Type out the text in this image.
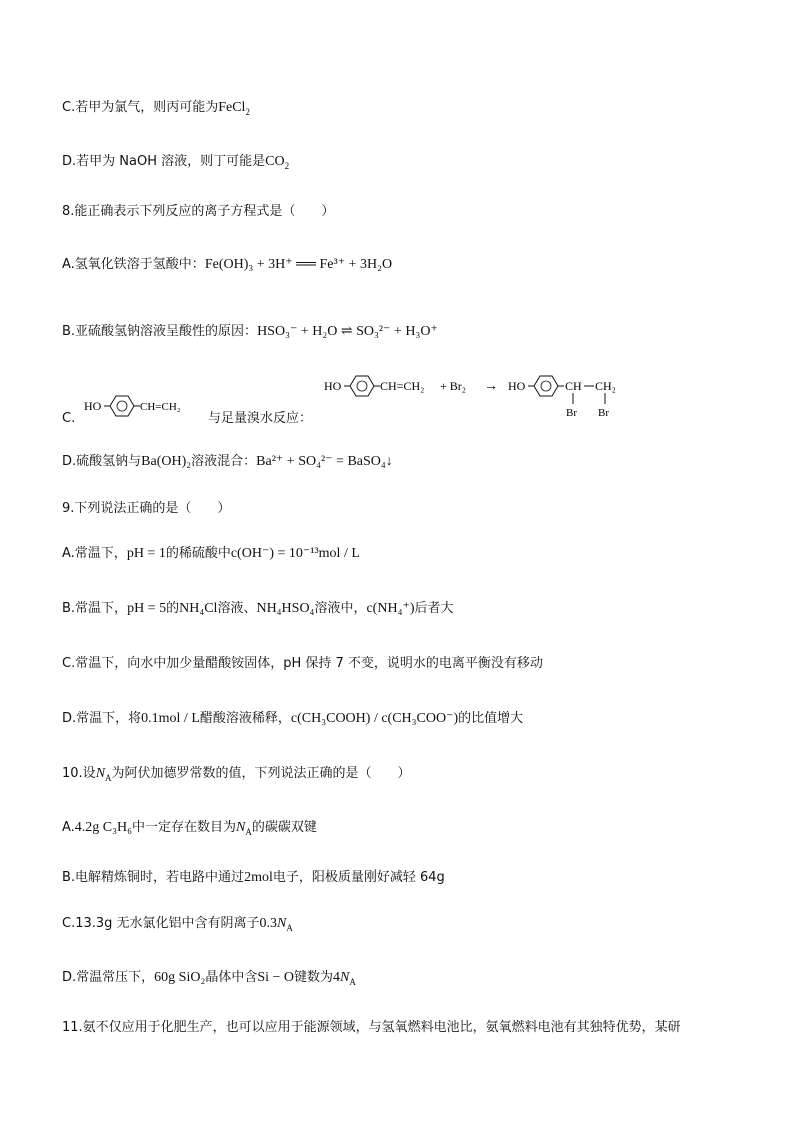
C.若甲为氯气，则丙可能为FeCl$_2$
D.若甲为 NaOH 溶液，则丁可能是$CO_2$
8.能正确表示下列反应的离子方程式是（　　）
A.氢氧化铁溶于氢酸中：Fe(OH)₃ + 3H⁺ ══ Fe³⁺ + 3H₂O
B.亚硫酸氢钠溶液呈酸性的原因：HSO₃⁻ + H₂O ⇌ SO₃²⁻ + H₃O⁺
C.
HO	CH=CH₂
与足量溴水反应：
HO	CH=CH₂ + Br₂ → HO	CH CH₂
Br Br
D.硫酸氢钠与Ba(OH)₂溶液混合：Ba²⁺ + SO₄²⁻ = BaSO₄↓
9.下列说法正确的是（　　）
A.常温下，pH = 1的稀硫酸中c(OH⁻) = 10⁻¹³mol / L
B.常温下，pH = 5的NH₄Cl溶液、NH₄HSO₄溶液中，c(NH₄⁺)后者大
C.常温下，向水中加少量醋酸铵固体，pH 保持 7 不变，说明水的电离平衡没有移动
D.常温下，将0.1mol / L醋酸溶液稀释，c(CH₃COOH) / c(CH₃COO⁻)的比值增大
10.设$N_A$为阿伏加德罗常数的值，下列说法正确的是（　　）
A.4.2g C₃H₆中一定存在数目为$N_A$的碳碳双键
B.电解精炼铜时，若电路中通过2mol电子，阳极质量刚好减轻 64g
C.13.3g 无水氯化铝中含有阴离子$0.3N_A$
D.常温常压下，60g SiO₂晶体中含Si − O键数为$4N_A$
11.氨不仅应用于化肥生产，也可以应用于能源领域，与氢氧燃料电池比，氨氧燃料电池有其独特优势，某研
